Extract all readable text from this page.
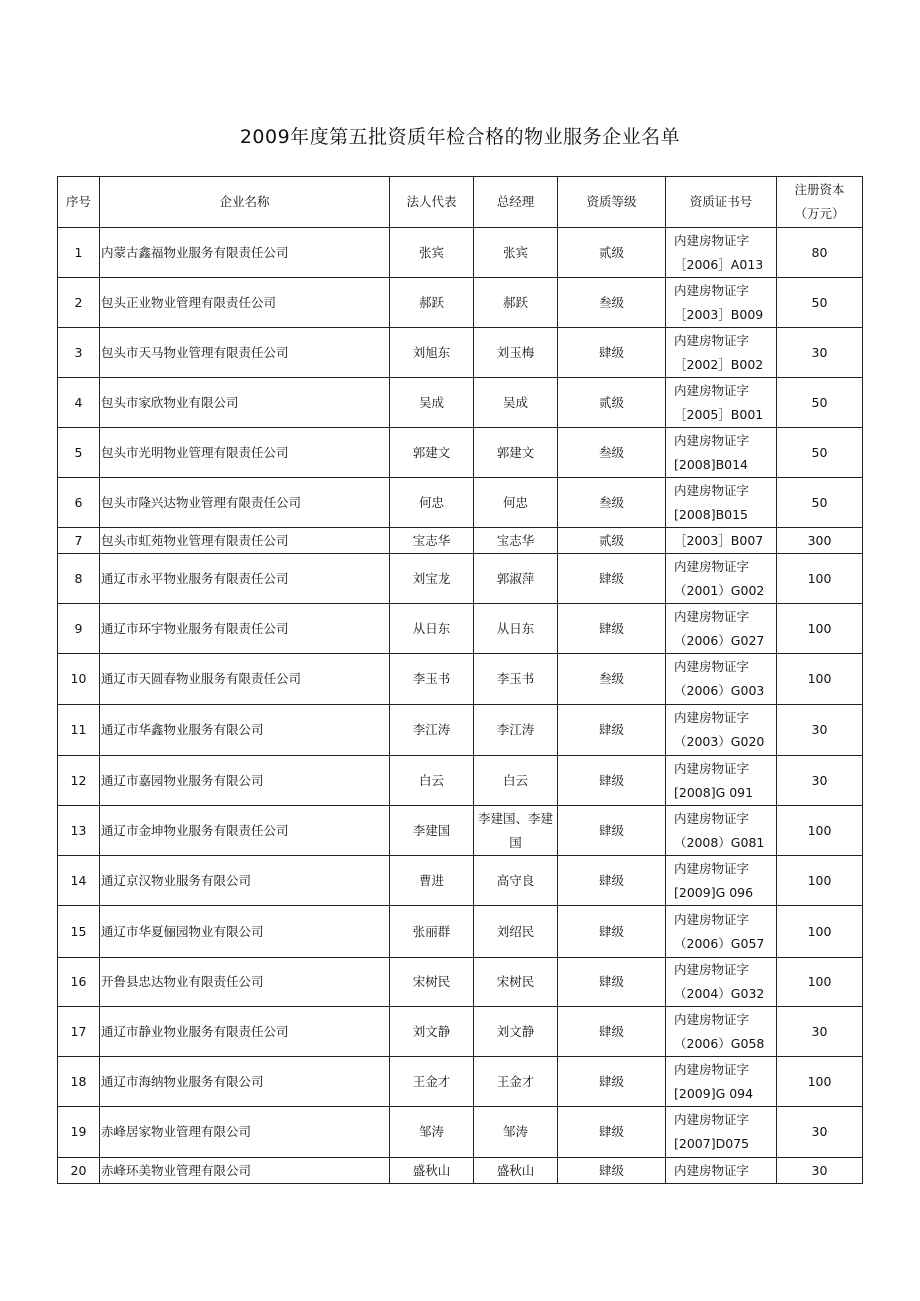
2009年度第五批资质年检合格的物业服务企业名单
序号	企业名称	法人代表	总经理	资质等级	资质证书号	注册资本
（万元）

1	内蒙古鑫福物业服务有限责任公司	张宾	张宾	贰级	内建房物证字
［2006］A013	80
2	包头正业物业管理有限责任公司	郝跃	郝跃	叁级	内建房物证字
［2003］B009	50
3	包头市天马物业管理有限责任公司	刘旭东	刘玉梅	肆级	内建房物证字
［2002］B002	30
4	包头市家欣物业有限公司	吴成	吴成	贰级	内建房物证字
［2005］B001	50
5	包头市光明物业管理有限责任公司	郭建文	郭建文	叁级	内建房物证字
[2008]B014	50
6	包头市隆兴达物业管理有限责任公司	何忠	何忠	叁级	内建房物证字
[2008]B015	50
7	包头市虹苑物业管理有限责任公司	宝志华	宝志华	贰级	［2003］B007	300
8	通辽市永平物业服务有限责任公司	刘宝龙	郭淑萍	肆级	内建房物证字
（2001）G002	100
9	通辽市环宇物业服务有限责任公司	从日东	从日东	肆级	内建房物证字
（2006）G027	100
10	通辽市天圆春物业服务有限责任公司	李玉书	李玉书	叁级	内建房物证字
（2006）G003	100
11	通辽市华鑫物业服务有限公司	李江涛	李江涛	肆级	内建房物证字
（2003）G020	30
12	通辽市嘉园物业服务有限公司	白云	白云	肆级	内建房物证字
[2008]G 091	30
13	通辽市金坤物业服务有限责任公司	李建国	李建国、李建国	肆级	内建房物证字
（2008）G081	100
14	通辽京汉物业服务有限公司	曹进	高守良	肆级	内建房物证字
[2009]G 096	100
15	通辽市华夏俪园物业有限公司	张丽群	刘绍民	肆级	内建房物证字
（2006）G057	100
16	开鲁县忠达物业有限责任公司	宋树民	宋树民	肆级	内建房物证字
（2004）G032	100
17	通辽市静业物业服务有限责任公司	刘文静	刘文静	肆级	内建房物证字
（2006）G058	30
18	通辽市海纳物业服务有限公司	王金才	王金才	肆级	内建房物证字
[2009]G 094	100
19	赤峰居家物业管理有限公司	邹涛	邹涛	肆级	内建房物证字
[2007]D075	30
20	赤峰环美物业管理有限公司	盛秋山	盛秋山	肆级	内建房物证字	30
